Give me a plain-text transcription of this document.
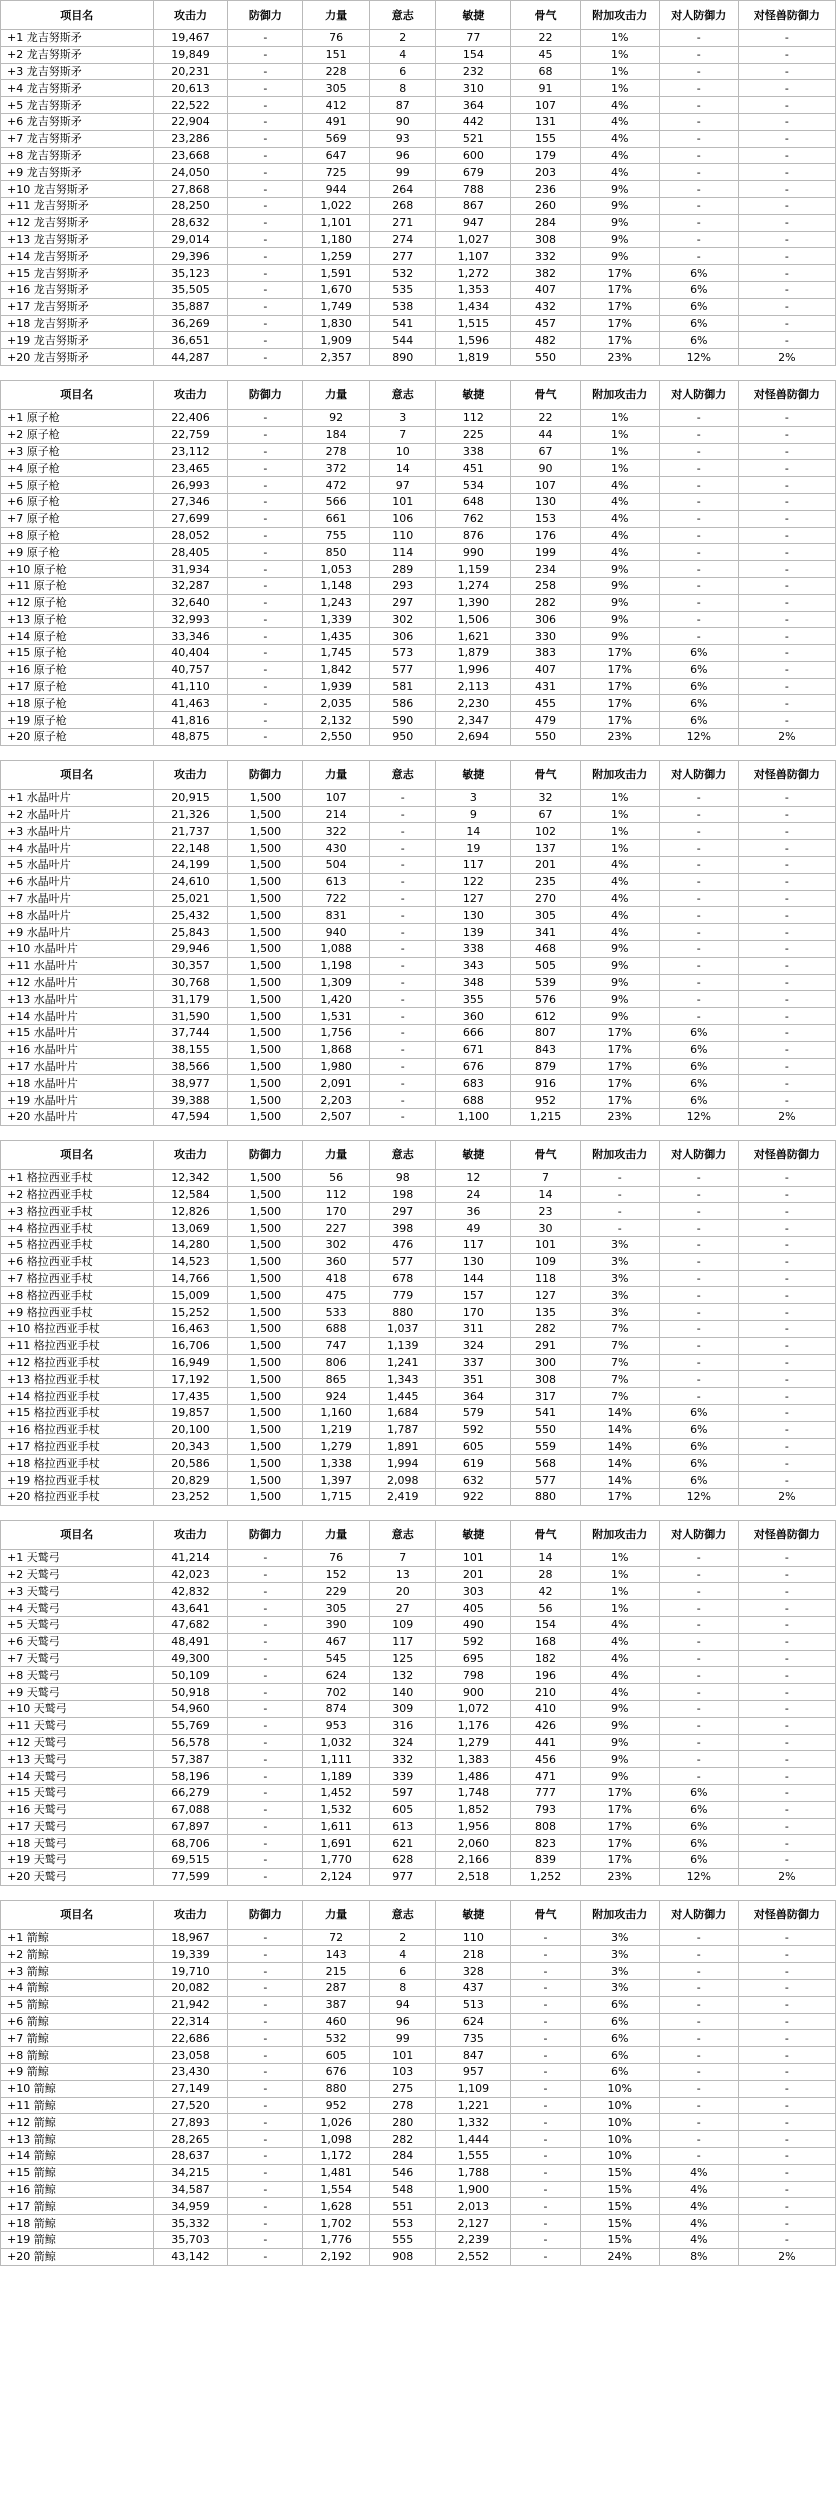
项目名	攻击力	防御力	力量	意志	敏捷	骨气	附加攻击力	对人防御力	对怪兽防御力
+1 龙吉努斯矛	19,467	-	76	2	77	22	1%	-	-
+2 龙吉努斯矛	19,849	-	151	4	154	45	1%	-	-
+3 龙吉努斯矛	20,231	-	228	6	232	68	1%	-	-
+4 龙吉努斯矛	20,613	-	305	8	310	91	1%	-	-
+5 龙吉努斯矛	22,522	-	412	87	364	107	4%	-	-
+6 龙吉努斯矛	22,904	-	491	90	442	131	4%	-	-
+7 龙吉努斯矛	23,286	-	569	93	521	155	4%	-	-
+8 龙吉努斯矛	23,668	-	647	96	600	179	4%	-	-
+9 龙吉努斯矛	24,050	-	725	99	679	203	4%	-	-
+10 龙吉努斯矛	27,868	-	944	264	788	236	9%	-	-
+11 龙吉努斯矛	28,250	-	1,022	268	867	260	9%	-	-
+12 龙吉努斯矛	28,632	-	1,101	271	947	284	9%	-	-
+13 龙吉努斯矛	29,014	-	1,180	274	1,027	308	9%	-	-
+14 龙吉努斯矛	29,396	-	1,259	277	1,107	332	9%	-	-
+15 龙吉努斯矛	35,123	-	1,591	532	1,272	382	17%	6%	-
+16 龙吉努斯矛	35,505	-	1,670	535	1,353	407	17%	6%	-
+17 龙吉努斯矛	35,887	-	1,749	538	1,434	432	17%	6%	-
+18 龙吉努斯矛	36,269	-	1,830	541	1,515	457	17%	6%	-
+19 龙吉努斯矛	36,651	-	1,909	544	1,596	482	17%	6%	-
+20 龙吉努斯矛	44,287	-	2,357	890	1,819	550	23%	12%	2%
项目名	攻击力	防御力	力量	意志	敏捷	骨气	附加攻击力	对人防御力	对怪兽防御力
+1 原子枪	22,406	-	92	3	112	22	1%	-	-
+2 原子枪	22,759	-	184	7	225	44	1%	-	-
+3 原子枪	23,112	-	278	10	338	67	1%	-	-
+4 原子枪	23,465	-	372	14	451	90	1%	-	-
+5 原子枪	26,993	-	472	97	534	107	4%	-	-
+6 原子枪	27,346	-	566	101	648	130	4%	-	-
+7 原子枪	27,699	-	661	106	762	153	4%	-	-
+8 原子枪	28,052	-	755	110	876	176	4%	-	-
+9 原子枪	28,405	-	850	114	990	199	4%	-	-
+10 原子枪	31,934	-	1,053	289	1,159	234	9%	-	-
+11 原子枪	32,287	-	1,148	293	1,274	258	9%	-	-
+12 原子枪	32,640	-	1,243	297	1,390	282	9%	-	-
+13 原子枪	32,993	-	1,339	302	1,506	306	9%	-	-
+14 原子枪	33,346	-	1,435	306	1,621	330	9%	-	-
+15 原子枪	40,404	-	1,745	573	1,879	383	17%	6%	-
+16 原子枪	40,757	-	1,842	577	1,996	407	17%	6%	-
+17 原子枪	41,110	-	1,939	581	2,113	431	17%	6%	-
+18 原子枪	41,463	-	2,035	586	2,230	455	17%	6%	-
+19 原子枪	41,816	-	2,132	590	2,347	479	17%	6%	-
+20 原子枪	48,875	-	2,550	950	2,694	550	23%	12%	2%
项目名	攻击力	防御力	力量	意志	敏捷	骨气	附加攻击力	对人防御力	对怪兽防御力
+1 水晶叶片	20,915	1,500	107	-	3	32	1%	-	-
+2 水晶叶片	21,326	1,500	214	-	9	67	1%	-	-
+3 水晶叶片	21,737	1,500	322	-	14	102	1%	-	-
+4 水晶叶片	22,148	1,500	430	-	19	137	1%	-	-
+5 水晶叶片	24,199	1,500	504	-	117	201	4%	-	-
+6 水晶叶片	24,610	1,500	613	-	122	235	4%	-	-
+7 水晶叶片	25,021	1,500	722	-	127	270	4%	-	-
+8 水晶叶片	25,432	1,500	831	-	130	305	4%	-	-
+9 水晶叶片	25,843	1,500	940	-	139	341	4%	-	-
+10 水晶叶片	29,946	1,500	1,088	-	338	468	9%	-	-
+11 水晶叶片	30,357	1,500	1,198	-	343	505	9%	-	-
+12 水晶叶片	30,768	1,500	1,309	-	348	539	9%	-	-
+13 水晶叶片	31,179	1,500	1,420	-	355	576	9%	-	-
+14 水晶叶片	31,590	1,500	1,531	-	360	612	9%	-	-
+15 水晶叶片	37,744	1,500	1,756	-	666	807	17%	6%	-
+16 水晶叶片	38,155	1,500	1,868	-	671	843	17%	6%	-
+17 水晶叶片	38,566	1,500	1,980	-	676	879	17%	6%	-
+18 水晶叶片	38,977	1,500	2,091	-	683	916	17%	6%	-
+19 水晶叶片	39,388	1,500	2,203	-	688	952	17%	6%	-
+20 水晶叶片	47,594	1,500	2,507	-	1,100	1,215	23%	12%	2%
项目名	攻击力	防御力	力量	意志	敏捷	骨气	附加攻击力	对人防御力	对怪兽防御力
+1 格拉西亚手杖	12,342	1,500	56	98	12	7	-	-	-
+2 格拉西亚手杖	12,584	1,500	112	198	24	14	-	-	-
+3 格拉西亚手杖	12,826	1,500	170	297	36	23	-	-	-
+4 格拉西亚手杖	13,069	1,500	227	398	49	30	-	-	-
+5 格拉西亚手杖	14,280	1,500	302	476	117	101	3%	-	-
+6 格拉西亚手杖	14,523	1,500	360	577	130	109	3%	-	-
+7 格拉西亚手杖	14,766	1,500	418	678	144	118	3%	-	-
+8 格拉西亚手杖	15,009	1,500	475	779	157	127	3%	-	-
+9 格拉西亚手杖	15,252	1,500	533	880	170	135	3%	-	-
+10 格拉西亚手杖	16,463	1,500	688	1,037	311	282	7%	-	-
+11 格拉西亚手杖	16,706	1,500	747	1,139	324	291	7%	-	-
+12 格拉西亚手杖	16,949	1,500	806	1,241	337	300	7%	-	-
+13 格拉西亚手杖	17,192	1,500	865	1,343	351	308	7%	-	-
+14 格拉西亚手杖	17,435	1,500	924	1,445	364	317	7%	-	-
+15 格拉西亚手杖	19,857	1,500	1,160	1,684	579	541	14%	6%	-
+16 格拉西亚手杖	20,100	1,500	1,219	1,787	592	550	14%	6%	-
+17 格拉西亚手杖	20,343	1,500	1,279	1,891	605	559	14%	6%	-
+18 格拉西亚手杖	20,586	1,500	1,338	1,994	619	568	14%	6%	-
+19 格拉西亚手杖	20,829	1,500	1,397	2,098	632	577	14%	6%	-
+20 格拉西亚手杖	23,252	1,500	1,715	2,419	922	880	17%	12%	2%
项目名	攻击力	防御力	力量	意志	敏捷	骨气	附加攻击力	对人防御力	对怪兽防御力
+1 天鹫弓	41,214	-	76	7	101	14	1%	-	-
+2 天鹫弓	42,023	-	152	13	201	28	1%	-	-
+3 天鹫弓	42,832	-	229	20	303	42	1%	-	-
+4 天鹫弓	43,641	-	305	27	405	56	1%	-	-
+5 天鹫弓	47,682	-	390	109	490	154	4%	-	-
+6 天鹫弓	48,491	-	467	117	592	168	4%	-	-
+7 天鹫弓	49,300	-	545	125	695	182	4%	-	-
+8 天鹫弓	50,109	-	624	132	798	196	4%	-	-
+9 天鹫弓	50,918	-	702	140	900	210	4%	-	-
+10 天鹫弓	54,960	-	874	309	1,072	410	9%	-	-
+11 天鹫弓	55,769	-	953	316	1,176	426	9%	-	-
+12 天鹫弓	56,578	-	1,032	324	1,279	441	9%	-	-
+13 天鹫弓	57,387	-	1,111	332	1,383	456	9%	-	-
+14 天鹫弓	58,196	-	1,189	339	1,486	471	9%	-	-
+15 天鹫弓	66,279	-	1,452	597	1,748	777	17%	6%	-
+16 天鹫弓	67,088	-	1,532	605	1,852	793	17%	6%	-
+17 天鹫弓	67,897	-	1,611	613	1,956	808	17%	6%	-
+18 天鹫弓	68,706	-	1,691	621	2,060	823	17%	6%	-
+19 天鹫弓	69,515	-	1,770	628	2,166	839	17%	6%	-
+20 天鹫弓	77,599	-	2,124	977	2,518	1,252	23%	12%	2%
项目名	攻击力	防御力	力量	意志	敏捷	骨气	附加攻击力	对人防御力	对怪兽防御力
+1 箭鲸	18,967	-	72	2	110	-	3%	-	-
+2 箭鲸	19,339	-	143	4	218	-	3%	-	-
+3 箭鲸	19,710	-	215	6	328	-	3%	-	-
+4 箭鲸	20,082	-	287	8	437	-	3%	-	-
+5 箭鲸	21,942	-	387	94	513	-	6%	-	-
+6 箭鲸	22,314	-	460	96	624	-	6%	-	-
+7 箭鲸	22,686	-	532	99	735	-	6%	-	-
+8 箭鲸	23,058	-	605	101	847	-	6%	-	-
+9 箭鲸	23,430	-	676	103	957	-	6%	-	-
+10 箭鲸	27,149	-	880	275	1,109	-	10%	-	-
+11 箭鲸	27,520	-	952	278	1,221	-	10%	-	-
+12 箭鲸	27,893	-	1,026	280	1,332	-	10%	-	-
+13 箭鲸	28,265	-	1,098	282	1,444	-	10%	-	-
+14 箭鲸	28,637	-	1,172	284	1,555	-	10%	-	-
+15 箭鲸	34,215	-	1,481	546	1,788	-	15%	4%	-
+16 箭鲸	34,587	-	1,554	548	1,900	-	15%	4%	-
+17 箭鲸	34,959	-	1,628	551	2,013	-	15%	4%	-
+18 箭鲸	35,332	-	1,702	553	2,127	-	15%	4%	-
+19 箭鲸	35,703	-	1,776	555	2,239	-	15%	4%	-
+20 箭鲸	43,142	-	2,192	908	2,552	-	24%	8%	2%
